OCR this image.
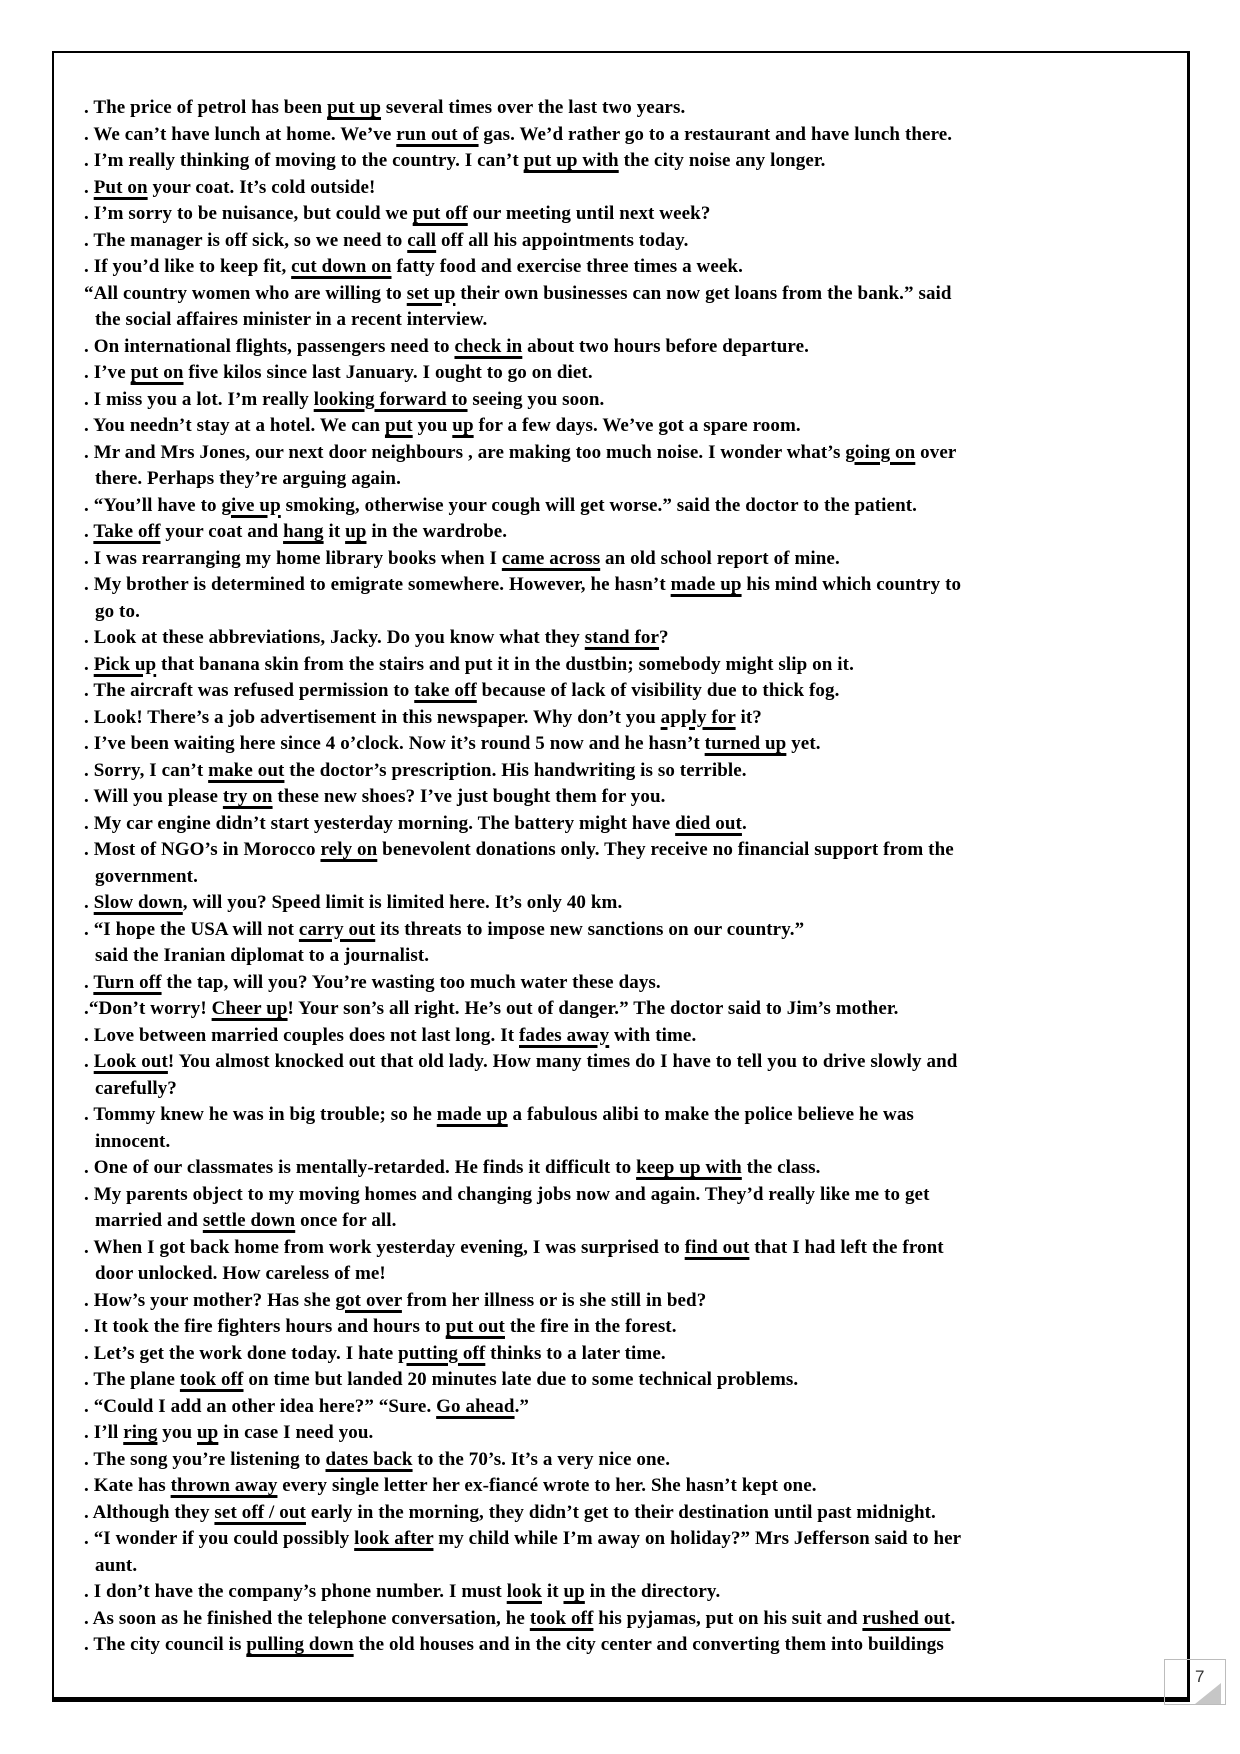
. The price of petrol has been put up several times over the last two years.
. We can’t have lunch at home. We’ve run out of gas. We’d rather go to a restaurant and have lunch there.
. I’m really thinking of moving to the country. I can’t put up with the city noise any longer.
. Put on your coat. It’s cold outside!
. I’m sorry to be nuisance, but could we put off our meeting until next week?
. The manager is off sick, so we need to call off all his appointments today.
. If you’d like to keep fit, cut down on fatty food and exercise three times a week.
“All country women who are willing to set up their own businesses can now get loans from the bank.” said
the social affaires minister in a recent interview.
. On international flights, passengers need to check in about two hours before departure.
. I’ve put on five kilos since last January. I ought to go on diet.
. I miss you a lot. I’m really looking forward to seeing you soon.
. You needn’t stay at a hotel. We can put you up for a few days. We’ve got a spare room.
. Mr and Mrs Jones, our next door neighbours , are making too much noise. I wonder what’s going on over
there. Perhaps they’re arguing again.
. “You’ll have to give up smoking, otherwise your cough will get worse.” said the doctor to the patient.
. Take off your coat and hang it up in the wardrobe.
. I was rearranging my home library books when I came across an old school report of mine.
. My brother is determined to emigrate somewhere. However, he hasn’t made up his mind which country to
go to.
. Look at these abbreviations, Jacky. Do you know what they stand for?
. Pick up that banana skin from the stairs and put it in the dustbin; somebody might slip on it.
. The aircraft was refused permission to take off because of lack of visibility due to thick fog.
. Look! There’s a job advertisement in this newspaper. Why don’t you apply for it?
. I’ve been waiting here since 4 o’clock. Now it’s round 5 now and he hasn’t turned up yet.
. Sorry, I can’t make out the doctor’s prescription. His handwriting is so terrible.
. Will you please try on these new shoes? I’ve just bought them for you.
. My car engine didn’t start yesterday morning. The battery might have died out.
. Most of NGO’s in Morocco rely on benevolent donations only. They receive no financial support from the
government.
. Slow down, will you? Speed limit is limited here. It’s only 40 km.
. “I hope the USA will not carry out its threats to impose new sanctions on our country.”
said the Iranian diplomat to a journalist.
. Turn off the tap, will you? You’re wasting too much water these days.
.“Don’t worry! Cheer up! Your son’s all right. He’s out of danger.” The doctor said to Jim’s mother.
. Love between married couples does not last long. It fades away with time.
. Look out! You almost knocked out that old lady. How many times do I have to tell you to drive slowly and
carefully?
. Tommy knew he was in big trouble; so he made up a fabulous alibi to make the police believe he was
innocent.
. One of our classmates is mentally-retarded. He finds it difficult to keep up with the class.
. My parents object to my moving homes and changing jobs now and again. They’d really like me to get
married and settle down once for all.
. When I got back home from work yesterday evening, I was surprised to find out that I had left the front
door unlocked. How careless of me!
. How’s your mother? Has she got over from her illness or is she still in bed?
. It took the fire fighters hours and hours to put out the fire in the forest.
. Let’s get the work done today. I hate putting off thinks to a later time.
. The plane took off on time but landed 20 minutes late due to some technical problems.
. “Could I add an other idea here?” “Sure. Go ahead.”
. I’ll ring you up in case I need you.
. The song you’re listening to dates back to the 70’s. It’s a very nice one.
. Kate has thrown away every single letter her ex-fiancé wrote to her. She hasn’t kept one.
. Although they set off / out early in the morning, they didn’t get to their destination until past midnight.
. “I wonder if you could possibly look after my child while I’m away on holiday?” Mrs Jefferson said to her
aunt.
. I don’t have the company’s phone number. I must look it up in the directory.
. As soon as he finished the telephone conversation, he took off his pyjamas, put on his suit and rushed out.
. The city council is pulling down the old houses and in the city center and converting them into buildings
7
